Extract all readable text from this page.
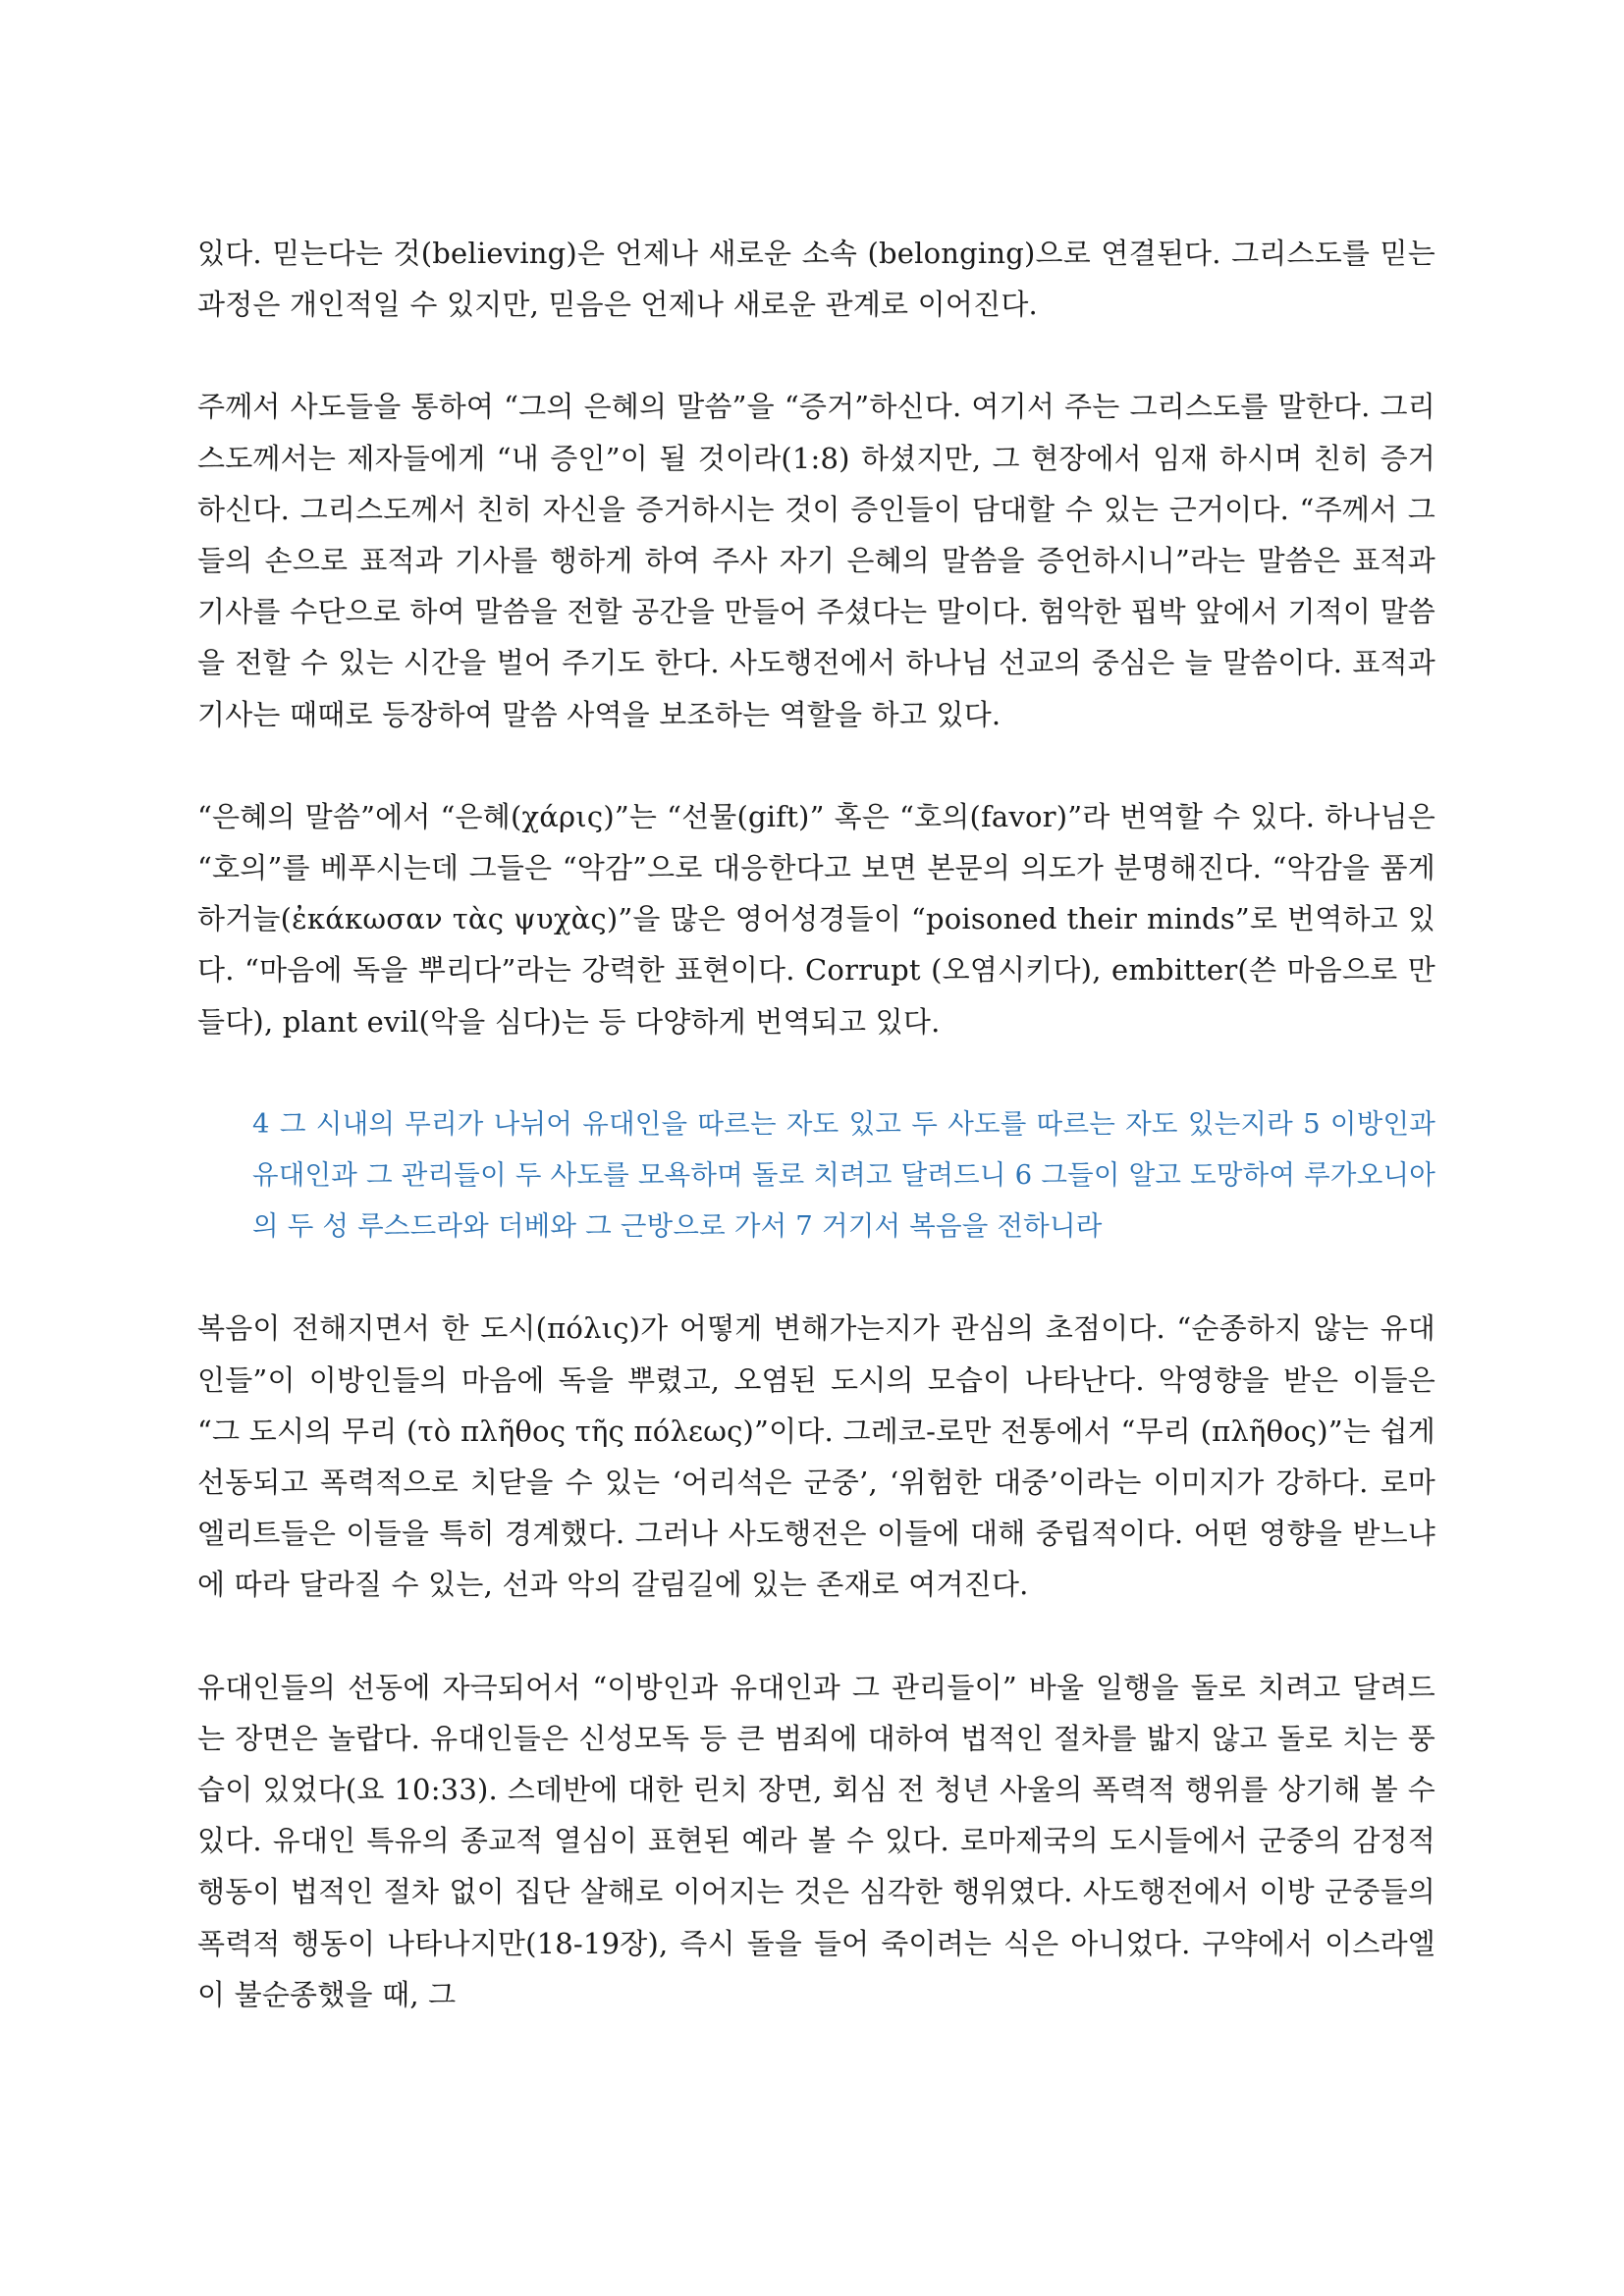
있다. 믿는다는 것(believing)은 언제나 새로운 소속 (belonging)으로 연결된다. 그리스도를 믿는 과정은 개인적일 수 있지만, 믿음은 언제나 새로운 관계로 이어진다.

주께서 사도들을 통하여 “그의 은혜의 말씀”을 “증거”하신다. 여기서 주는 그리스도를 말한다. 그리스도께서는 제자들에게 “내 증인”이 될 것이라(1:8) 하셨지만, 그 현장에서 임재 하시며 친히 증거하신다. 그리스도께서 친히 자신을 증거하시는 것이 증인들이 담대할 수 있는 근거이다. “주께서 그들의 손으로 표적과 기사를 행하게 하여 주사 자기 은혜의 말씀을 증언하시니”라는 말씀은 표적과 기사를 수단으로 하여 말씀을 전할 공간을 만들어 주셨다는 말이다. 험악한 핍박 앞에서 기적이 말씀을 전할 수 있는 시간을 벌어 주기도 한다. 사도행전에서 하나님 선교의 중심은 늘 말씀이다. 표적과 기사는 때때로 등장하여 말씀 사역을 보조하는 역할을 하고 있다.

“은혜의 말씀”에서 “은혜(χάρις)”는 “선물(gift)” 혹은 “호의(favor)”라 번역할 수 있다. 하나님은 “호의”를 베푸시는데 그들은 “악감”으로 대응한다고 보면 본문의 의도가 분명해진다. “악감을 품게 하거늘(ἐκάκωσαν τὰς ψυχὰς)”을 많은 영어성경들이 “poisoned their minds”로 번역하고 있다. “마음에 독을 뿌리다”라는 강력한 표현이다. Corrupt (오염시키다), embitter(쓴 마음으로 만들다), plant evil(악을 심다)는 등 다양하게 번역되고 있다.

4 그 시내의 무리가 나뉘어 유대인을 따르는 자도 있고 두 사도를 따르는 자도 있는지라 5 이방인과 유대인과 그 관리들이 두 사도를 모욕하며 돌로 치려고 달려드니 6 그들이 알고 도망하여 루가오니아의 두 성 루스드라와 더베와 그 근방으로 가서 7 거기서 복음을 전하니라

복음이 전해지면서 한 도시(πόλις)가 어떻게 변해가는지가 관심의 초점이다. “순종하지 않는 유대인들”이 이방인들의 마음에 독을 뿌렸고, 오염된 도시의 모습이 나타난다. 악영향을 받은 이들은 “그 도시의 무리 (τὸ πλῆθος τῆς πόλεως)”이다. 그레코-로만 전통에서 “무리 (πλῆθος)”는 쉽게 선동되고 폭력적으로 치닫을 수 있는 ‘어리석은 군중’, ‘위험한 대중’이라는 이미지가 강하다. 로마 엘리트들은 이들을 특히 경계했다. 그러나 사도행전은 이들에 대해 중립적이다. 어떤 영향을 받느냐에 따라 달라질 수 있는, 선과 악의 갈림길에 있는 존재로 여겨진다.

유대인들의 선동에 자극되어서 “이방인과 유대인과 그 관리들이” 바울 일행을 돌로 치려고 달려드는 장면은 놀랍다. 유대인들은 신성모독 등 큰 범죄에 대하여 법적인 절차를 밟지 않고 돌로 치는 풍습이 있었다(요 10:33). 스데반에 대한 린치 장면, 회심 전 청년 사울의 폭력적 행위를 상기해 볼 수 있다. 유대인 특유의 종교적 열심이 표현된 예라 볼 수 있다. 로마제국의 도시들에서 군중의 감정적 행동이 법적인 절차 없이 집단 살해로 이어지는 것은 심각한 행위였다. 사도행전에서 이방 군중들의 폭력적 행동이 나타나지만(18-19장), 즉시 돌을 들어 죽이려는 식은 아니었다. 구약에서 이스라엘이 불순종했을 때, 그
